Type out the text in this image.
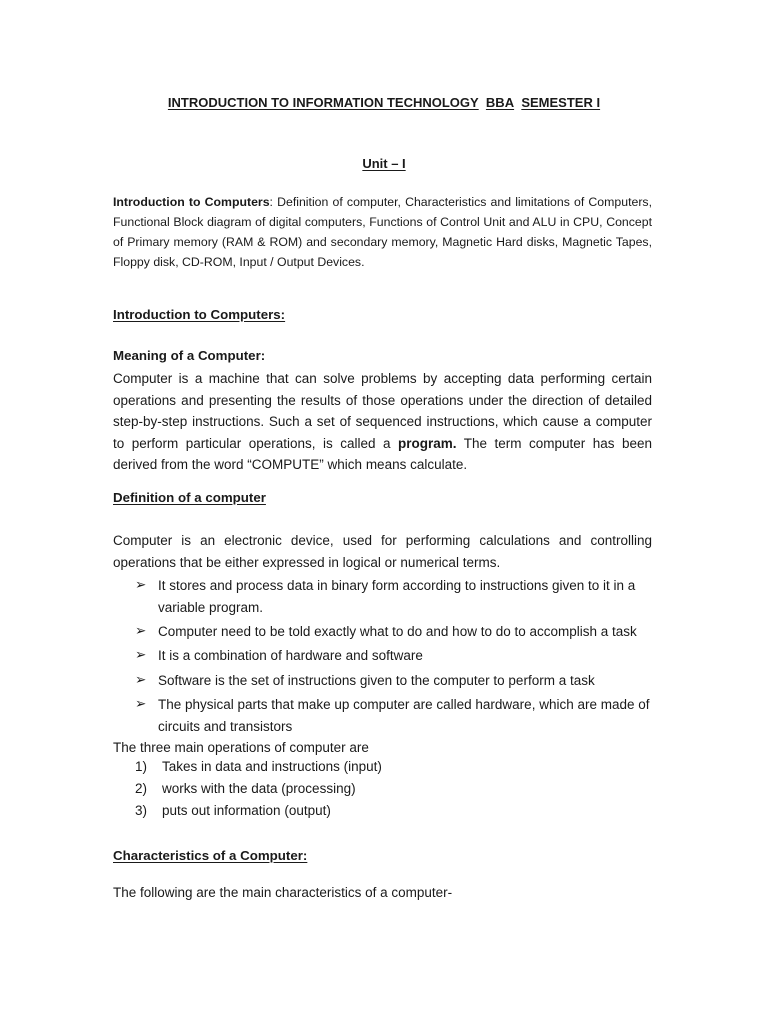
INTRODUCTION TO INFORMATION TECHNOLOGY BBA SEMESTER I
Unit – I
Introduction to Computers: Definition of computer, Characteristics and limitations of Computers,
Functional Block diagram of digital computers, Functions of Control Unit and ALU in CPU, Concept
of Primary memory (RAM & ROM) and secondary memory, Magnetic Hard disks, Magnetic Tapes,
Floppy disk, CD-ROM, Input / Output Devices.
Introduction to Computers:
Meaning of a Computer:
Computer is a machine that can solve problems by accepting data performing certain
operations and presenting the results of those operations under the direction of detailed
step-by-step instructions. Such a set of sequenced instructions, which cause a computer
to perform particular operations, is called a program. The term computer has been
derived from the word “COMPUTE” which means calculate.
Definition of a computer
Computer is an electronic device, used for performing calculations and controlling
operations that be either expressed in logical or numerical terms.
➢ It stores and process data in binary form according to instructions given to it in a variable program.
➢ Computer need to be told exactly what to do and how to do to accomplish a task
➢ It is a combination of hardware and software
➢ Software is the set of instructions given to the computer to perform a task
➢ The physical parts that make up computer are called hardware, which are made of circuits and transistors
The three main operations of computer are
1) Takes in data and instructions (input)
2) works with the data (processing)
3) puts out information (output)
Characteristics of a Computer:
The following are the main characteristics of a computer-
